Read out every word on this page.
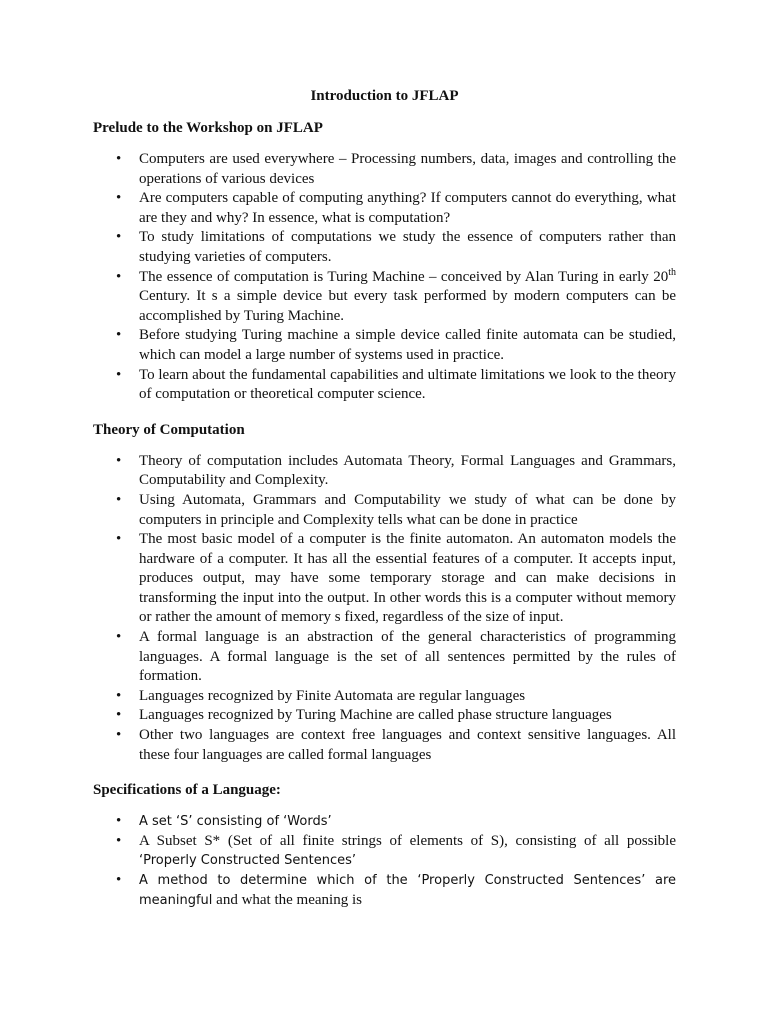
Introduction to JFLAP
Prelude to the Workshop on JFLAP
• Computers are used everywhere – Processing numbers, data, images and controlling the operations of various devices
• Are computers capable of computing anything? If computers cannot do everything, what are they and why? In essence, what is computation?
• To study limitations of computations we study the essence of computers rather than studying varieties of computers.
• The essence of computation is Turing Machine – conceived by Alan Turing in early 20th Century. It s a simple device but every task performed by modern computers can be accomplished by Turing Machine.
• Before studying Turing machine a simple device called finite automata can be studied, which can model a large number of systems used in practice.
• To learn about the fundamental capabilities and ultimate limitations we look to the theory of computation or theoretical computer science.
Theory of Computation
• Theory of computation includes Automata Theory, Formal Languages and Grammars, Computability and Complexity.
• Using Automata, Grammars and Computability we study of what can be done by computers in principle and Complexity tells what can be done in practice
• The most basic model of a computer is the finite automaton. An automaton models the hardware of a computer. It has all the essential features of a computer. It accepts input, produces output, may have some temporary storage and can make decisions in transforming the input into the output. In other words this is a computer without memory or rather the amount of memory s fixed, regardless of the size of input.
• A formal language is an abstraction of the general characteristics of programming languages. A formal language is the set of all sentences permitted by the rules of formation.
• Languages recognized by Finite Automata are regular languages
• Languages recognized by Turing Machine are called phase structure languages
• Other two languages are context free languages and context sensitive languages. All these four languages are called formal languages
Specifications of a Language:
• A set ‘S’ consisting of ‘Words’
• A Subset S* (Set of all finite strings of elements of S), consisting of all possible ‘Properly Constructed Sentences’
• A method to determine which of the ‘Properly Constructed Sentences’ are meaningful and what the meaning is
